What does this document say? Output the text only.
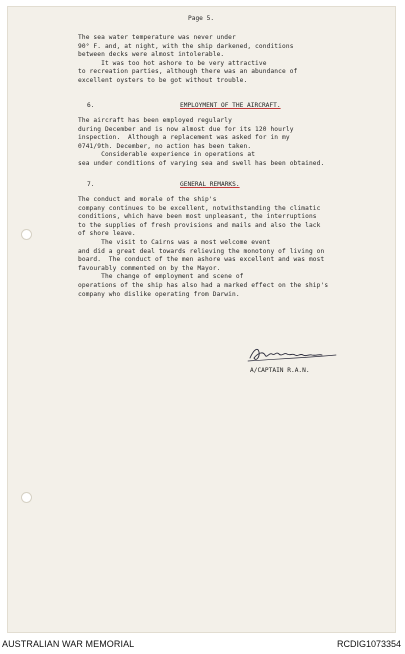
Page 5.
The sea water temperature was never under
90° F. and, at night, with the ship darkened, conditions
between decks were almost intolerable.
It was too hot ashore to be very attractive
to recreation parties, although there was an abundance of
excellent oysters to be got without trouble.
6.	EMPLOYMENT OF THE AIRCRAFT.
The aircraft has been employed regularly
during December and is now almost due for its 120 hourly
inspection.  Although a replacement was asked for in my
0741/9th. December, no action has been taken.
Considerable experience in operations at
sea under conditions of varying sea and swell has been obtained.
7.	GENERAL REMARKS.
The conduct and morale of the ship's
company continues to be excellent, notwithstanding the climatic
conditions, which have been most unpleasant, the interruptions
to the supplies of fresh provisions and mails and also the lack
of shore leave.
The visit to Cairns was a most welcome event
and did a great deal towards relieving the monotony of living on
board.  The conduct of the men ashore was excellent and was most
favourably commented on by the Mayor.
The change of employment and scene of
operations of the ship has also had a marked effect on the ship's
company who dislike operating from Darwin.
A/CAPTAIN R.A.N.
AUSTRALIAN WAR MEMORIAL	RCDIG1073354
